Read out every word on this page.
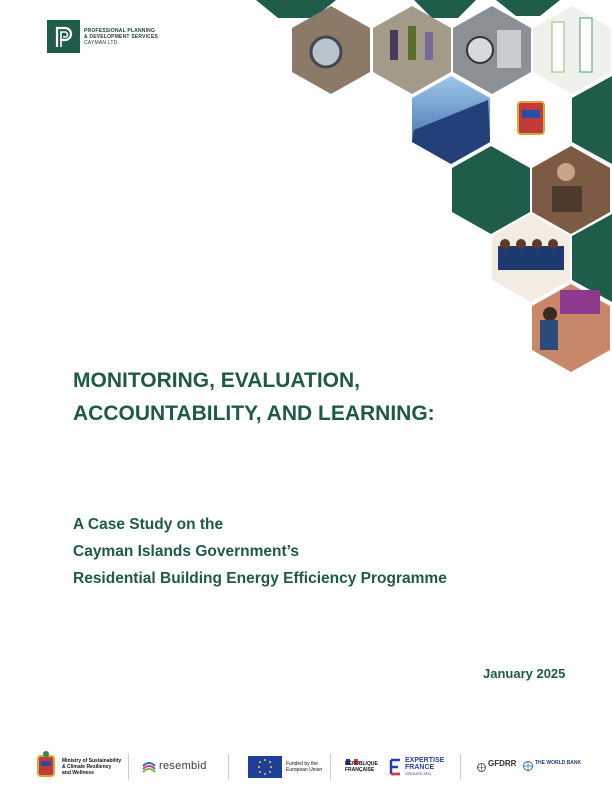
PROFESSIONAL PLANNING
& DEVELOPMENT SERVICES
CAYMAN LTD.
MONITORING, EVALUATION,
ACCOUNTABILITY, AND LEARNING:
A Case Study on the
Cayman Islands Government’s
Residential Building Energy Efficiency Programme
January 2025
Ministry of Sustainability
& Climate Resiliency
and Wellness
resembid	Funded by the
European Union
RÉPUBLIQUE
FRANÇAISE
EXPERTISE
FRANCE
GROUPE AFD
GFDRR	THE WORLD BANK
